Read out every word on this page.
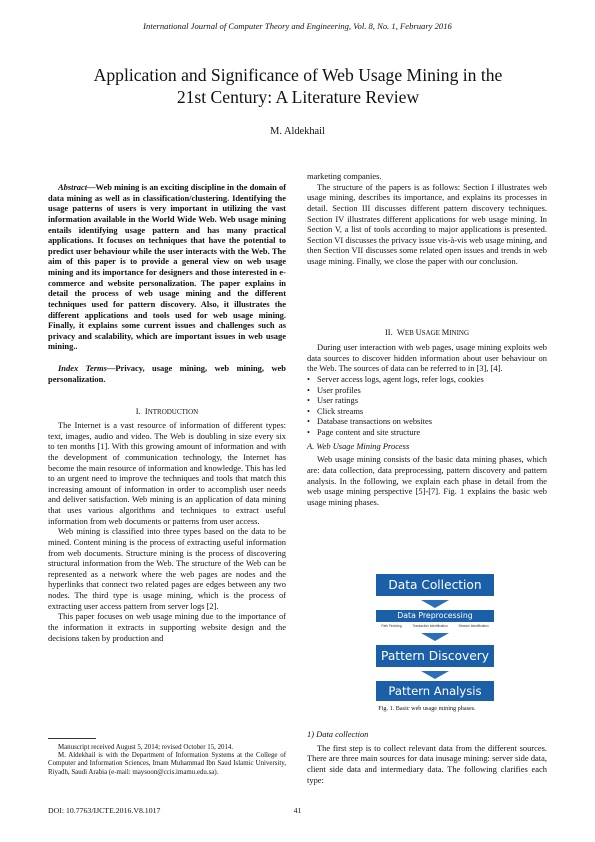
International Journal of Computer Theory and Engineering, Vol. 8, No. 1, February 2016
Application and Significance of Web Usage Mining in the
21st Century: A Literature Review
M. Aldekhail

Abstract—Web mining is an exciting discipline in the domain of data mining as well as in classification/clustering. Identifying the usage patterns of users is very important in utilizing the vast information available in the World Wide Web. Web usage mining entails identifying usage pattern and has many practical applications. It focuses on techniques that have the potential to predict user behaviour while the user interacts with the Web. The aim of this paper is to provide a general view on web usage mining and its importance for designers and those interested in e-commerce and website personalization. The paper explains in detail the process of web usage mining and the different techniques used for pattern discovery. Also, it illustrates the different applications and tools used for web usage mining. Finally, it explains some current issues and challenges such as privacy and scalability, which are important issues in web usage mining..

Index Terms—Privacy, usage mining, web mining, web personalization.

I. INTRODUCTION

The Internet is a vast resource of information of different types: text, images, audio and video. The Web is doubling in size every six to ten months [1]. With this growing amount of information and with the development of communication technology, the Internet has become the main resource of information and knowledge. This has led to an urgent need to improve the techniques and tools that match this increasing amount of information in order to accomplish user needs and deliver satisfaction. Web mining is an application of data mining that uses various algorithms and techniques to extract useful information from web documents or patterns from user access.

Web mining is classified into three types based on the data to be mined. Content mining is the process of extracting useful information from web documents. Structure mining is the process of discovering structural information from the Web. The structure of the Web can be represented as a network where the web pages are nodes and the hyperlinks that connect two related pages are edges between any two nodes. The third type is usage mining, which is the process of extracting user access pattern from server logs [2].

This paper focuses on web usage mining due to the importance of the information it extracts in supporting website design and the decisions taken by production and

Manuscript received August 5, 2014; revised October 15, 2014.

M. Aldekhail is with the Department of Information Systems at the College of Computer and Information Sciences, Imam Muhammad Ibn Saud Islamic University, Riyadh, Saudi Arabia (e-mail: maysoon@ccis.imamu.edu.sa).

marketing companies.

The structure of the papers is as follows: Section I illustrates web usage mining, describes its importance, and explains its processes in detail. Section III discusses different pattern discovery techniques. Section IV illustrates different applications for web usage mining. In Section V, a list of tools according to major applications is presented. Section VI discusses the privacy issue vis-à-vis web usage mining, and then Section VII discusses some related open issues and trends in web usage mining. Finally, we close the paper with our conclusion.

II. WEB USAGE MINING

During user interaction with web pages, usage mining exploits web data sources to discover hidden information about user behaviour on the Web. The sources of data can be referred to in [3], [4].

• Server access logs, agent logs, refer logs, cookies
• User profiles
• User ratings
• Click streams
• Database transactions on websites
• Page content and site structure
A. Web Usage Mining Process

Web usage mining consists of the basic data mining phases, which are: data collection, data preprocessing, pattern discovery and pattern analysis. In the following, we explain each phase in detail from the web usage mining perspective [5]-[7]. Fig. 1 explains the basic web usage mining phases.

Data Collection
Data Preprocessing
Path Finishing	Transaction Identification	Session Identification
Pattern Discovery
Pattern Analysis
Fig. 1. Basic web usage mining phases.
1) Data collection

The first step is to collect relevant data from the different sources. There are three main sources for data inusage mining: server side data, client side data and intermediary data. The following clarifies each type:

DOI: 10.7763/IJCTE.2016.V8.1017	41
